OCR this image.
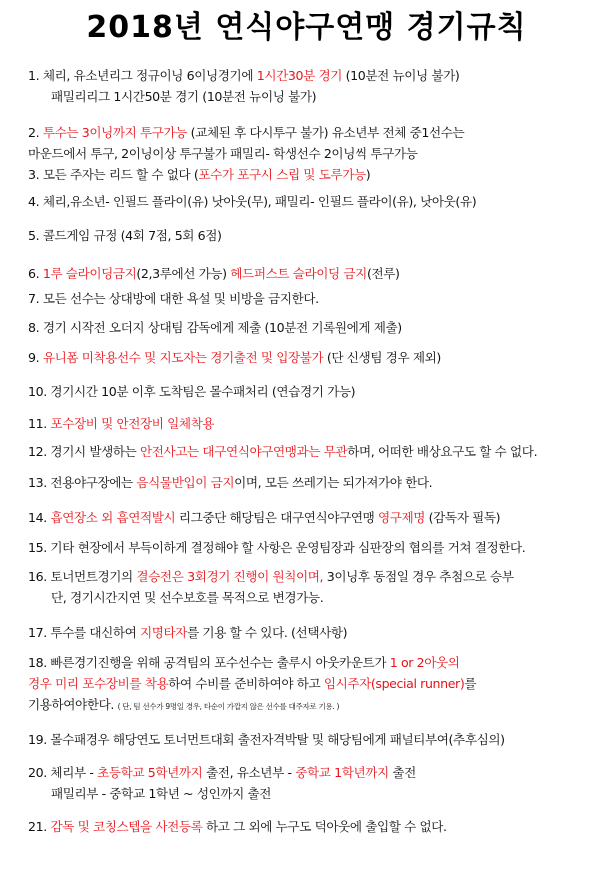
2018년 연식야구연맹 경기규칙
1. 체리, 유소년리그 정규이닝 6이닝경기에 1시간30분 경기 (10분전 뉴이닝 불가)
패밀리리그 1시간50분 경기 (10분전 뉴이닝 불가)
2. 투수는 3이닝까지 투구가능 (교체된 후 다시투구 불가) 유소년부 전체 중1선수는
마운드에서 투구, 2이닝이상 투구불가 패밀리- 학생선수 2이닝씩 투구가능
3. 모든 주자는 리드 할 수 없다 (포수가 포구시 스립 및 도루가능)
4. 체리,유소년- 인필드 플라이(유) 낫아웃(무), 패밀리- 인필드 플라이(유), 낫아웃(유)
5. 콜드게임 규정 (4회 7점, 5회 6점)
6. 1루 슬라이딩금지(2,3루에선 가능) 헤드퍼스트 슬라이딩 금지(전루)
7. 모든 선수는 상대방에 대한 욕설 및 비방을 금지한다.
8. 경기 시작전 오더지 상대팀 감독에게 제출 (10분전 기록원에게 제출)
9. 유니폼 미착용선수 및 지도자는 경기출전 및 입장불가 (단 신생팀 경우 제외)
10. 경기시간 10분 이후 도착팀은 몰수패처리 (연습경기 가능)
11. 포수장비 및 안전장비 일체착용
12. 경기시 발생하는 안전사고는 대구연식야구연맹과는 무관하며, 어떠한 배상요구도 할 수 없다.
13. 전용야구장에는 음식물반입이 금지이며, 모든 쓰레기는 되가져가야 한다.
14. 흡연장소 외 흡연적발시 리그중단 해당팀은 대구연식야구연맹 영구제명 (감독자 필독)
15. 기타 현장에서 부득이하게 결정해야 할 사항은 운영팀장과 심판장의 협의를 거쳐 결정한다.
16. 토너먼트경기의 결승전은 3회경기 진행이 원칙이며, 3이닝후 동점일 경우 추첨으로 승부
단, 경기시간지연 및 선수보호를 목적으로 변경가능.
17. 투수를 대신하여 지명타자를 기용 할 수 있다. (선택사항)
18. 빠른경기진행을 위해 공격팀의 포수선수는 출루시 아웃카운트가 1 or 2아웃의
경우 미리 포수장비를 착용하여 수비를 준비하여야 하고 임시주자(special runner)를
기용하여야한다. ( 단, 팀 선수가 9명일 경우, 타순이 가깝지 않은 선수를 대주자로 기용. )
19. 몰수패경우 해당연도 토너먼트대회 출전자격박탈 및 해당팀에게 패널티부여(추후심의)
20. 체리부 - 초등학교 5학년까지 출전, 유소년부 - 중학교 1학년까지 출전
패밀리부 - 중학교 1학년 ~ 성인까지 출전
21. 감독 및 코칭스텝을 사전등록 하고 그 외에 누구도 덕아웃에 출입할 수 없다.
